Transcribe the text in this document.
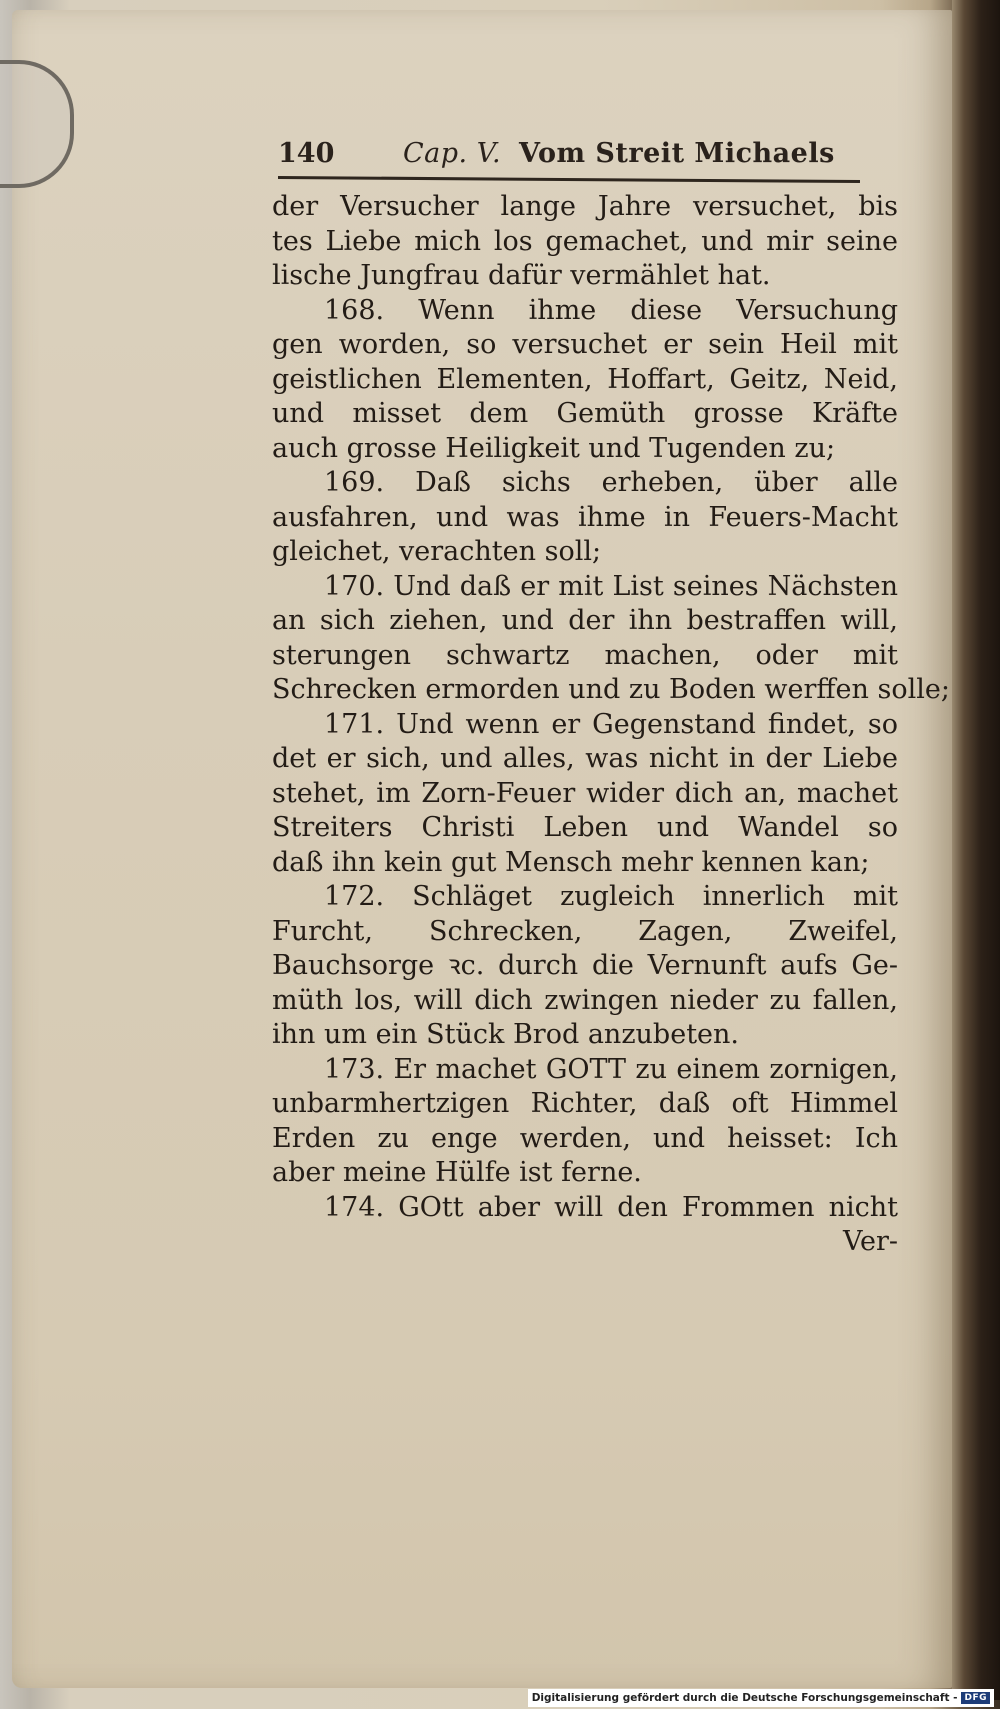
140	Cap. V. Vom Streit Michaels
der Versucher lange Jahre versuchet, bis
tes Liebe mich los gemachet, und mir seine
lische Jungfrau dafür vermählet hat.
168. Wenn ihme diese Versuchung
gen worden, so versuchet er sein Heil mit
geistlichen Elementen, Hoffart, Geitz, Neid,
und misset dem Gemüth grosse Kräfte
auch grosse Heiligkeit und Tugenden zu;
169. Daß sichs erheben, über alle
ausfahren, und was ihme in Feuers-Macht
gleichet, verachten soll;
170. Und daß er mit List seines Nächsten
an sich ziehen, und der ihn bestraffen will,
sterungen schwartz machen, oder mit
Schrecken ermorden und zu Boden werffen solle;
171. Und wenn er Gegenstand findet, so
det er sich, und alles, was nicht in der Liebe
stehet, im Zorn-Feuer wider dich an, machet
Streiters Christi Leben und Wandel so
daß ihn kein gut Mensch mehr kennen kan;
172. Schläget zugleich innerlich mit
Furcht, Schrecken, Zagen, Zweifel,
Bauchsorge ꝛc. durch die Vernunft aufs Ge-
müth los, will dich zwingen nieder zu fallen,
ihn um ein Stück Brod anzubeten.
173. Er machet GOTT zu einem zornigen,
unbarmhertzigen Richter, daß oft Himmel
Erden zu enge werden, und heisset: Ich
aber meine Hülfe ist ferne.
174. GOtt aber will den Frommen nicht
Ver-
Digitalisierung gefördert durch die Deutsche Forschungsgemeinschaft - DFG
